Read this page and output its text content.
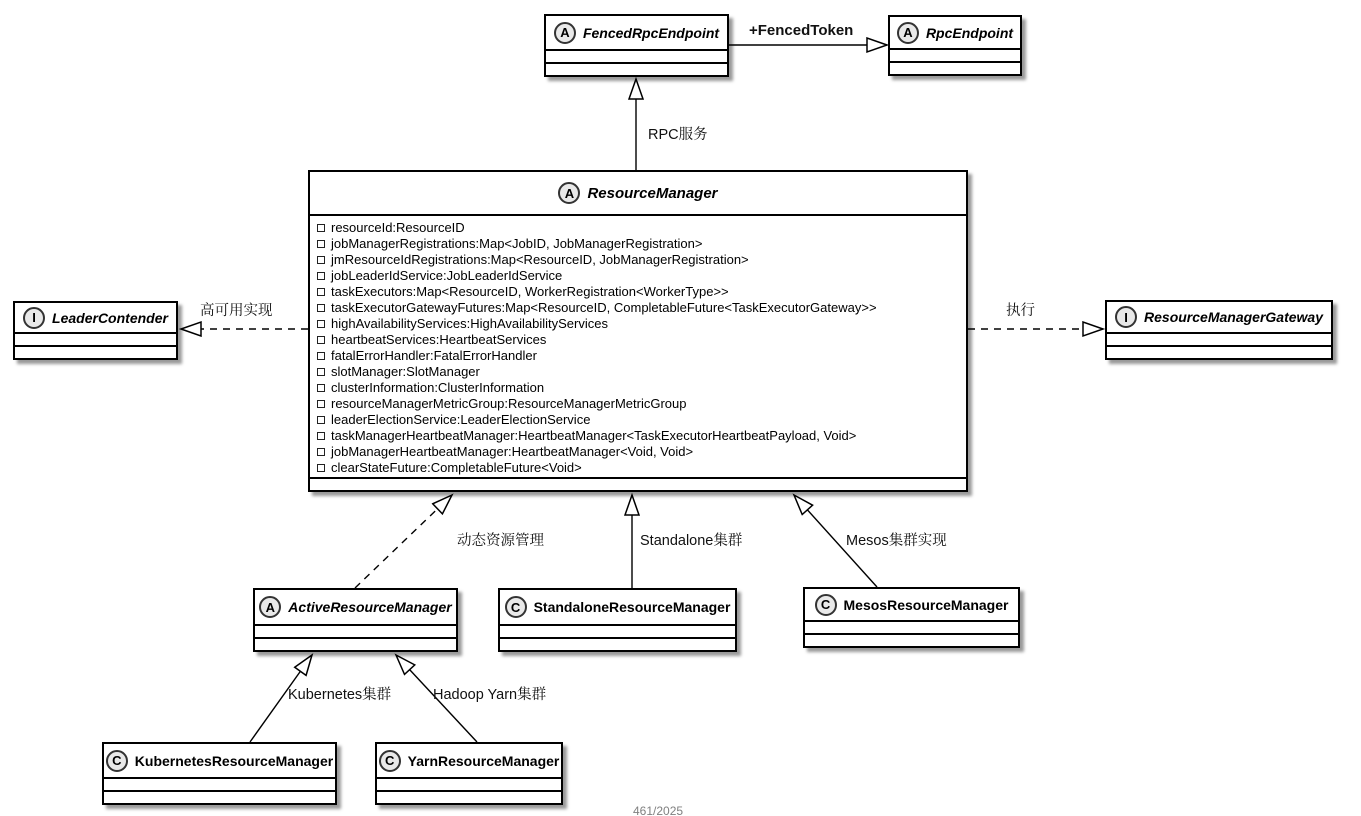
A FencedRpcEndpoint	A RpcEndpoint
A ResourceManager
resourceId:ResourceID
jobManagerRegistrations:Map<JobID, JobManagerRegistration>
jmResourceIdRegistrations:Map<ResourceID, JobManagerRegistration>
jobLeaderIdService:JobLeaderIdService
taskExecutors:Map<ResourceID, WorkerRegistration<WorkerType>>
taskExecutorGatewayFutures:Map<ResourceID, CompletableFuture<TaskExecutorGateway>>
highAvailabilityServices:HighAvailabilityServices
heartbeatServices:HeartbeatServices
fatalErrorHandler:FatalErrorHandler
slotManager:SlotManager
clusterInformation:ClusterInformation
resourceManagerMetricGroup:ResourceManagerMetricGroup
leaderElectionService:LeaderElectionService
taskManagerHeartbeatManager:HeartbeatManager<TaskExecutorHeartbeatPayload, Void>
jobManagerHeartbeatManager:HeartbeatManager<Void, Void>
clearStateFuture:CompletableFuture<Void>
I	LeaderContender	I	ResourceManagerGateway
A ActiveResourceManager	C StandaloneResourceManager	C MesosResourceManager
C KubernetesResourceManager	C YarnResourceManager
+FencedToken
RPC服务
高可用实现	执行
动态资源管理	Standalone集群	Mesos集群实现
Kubernetes集群	Hadoop Yarn集群
461/2025
